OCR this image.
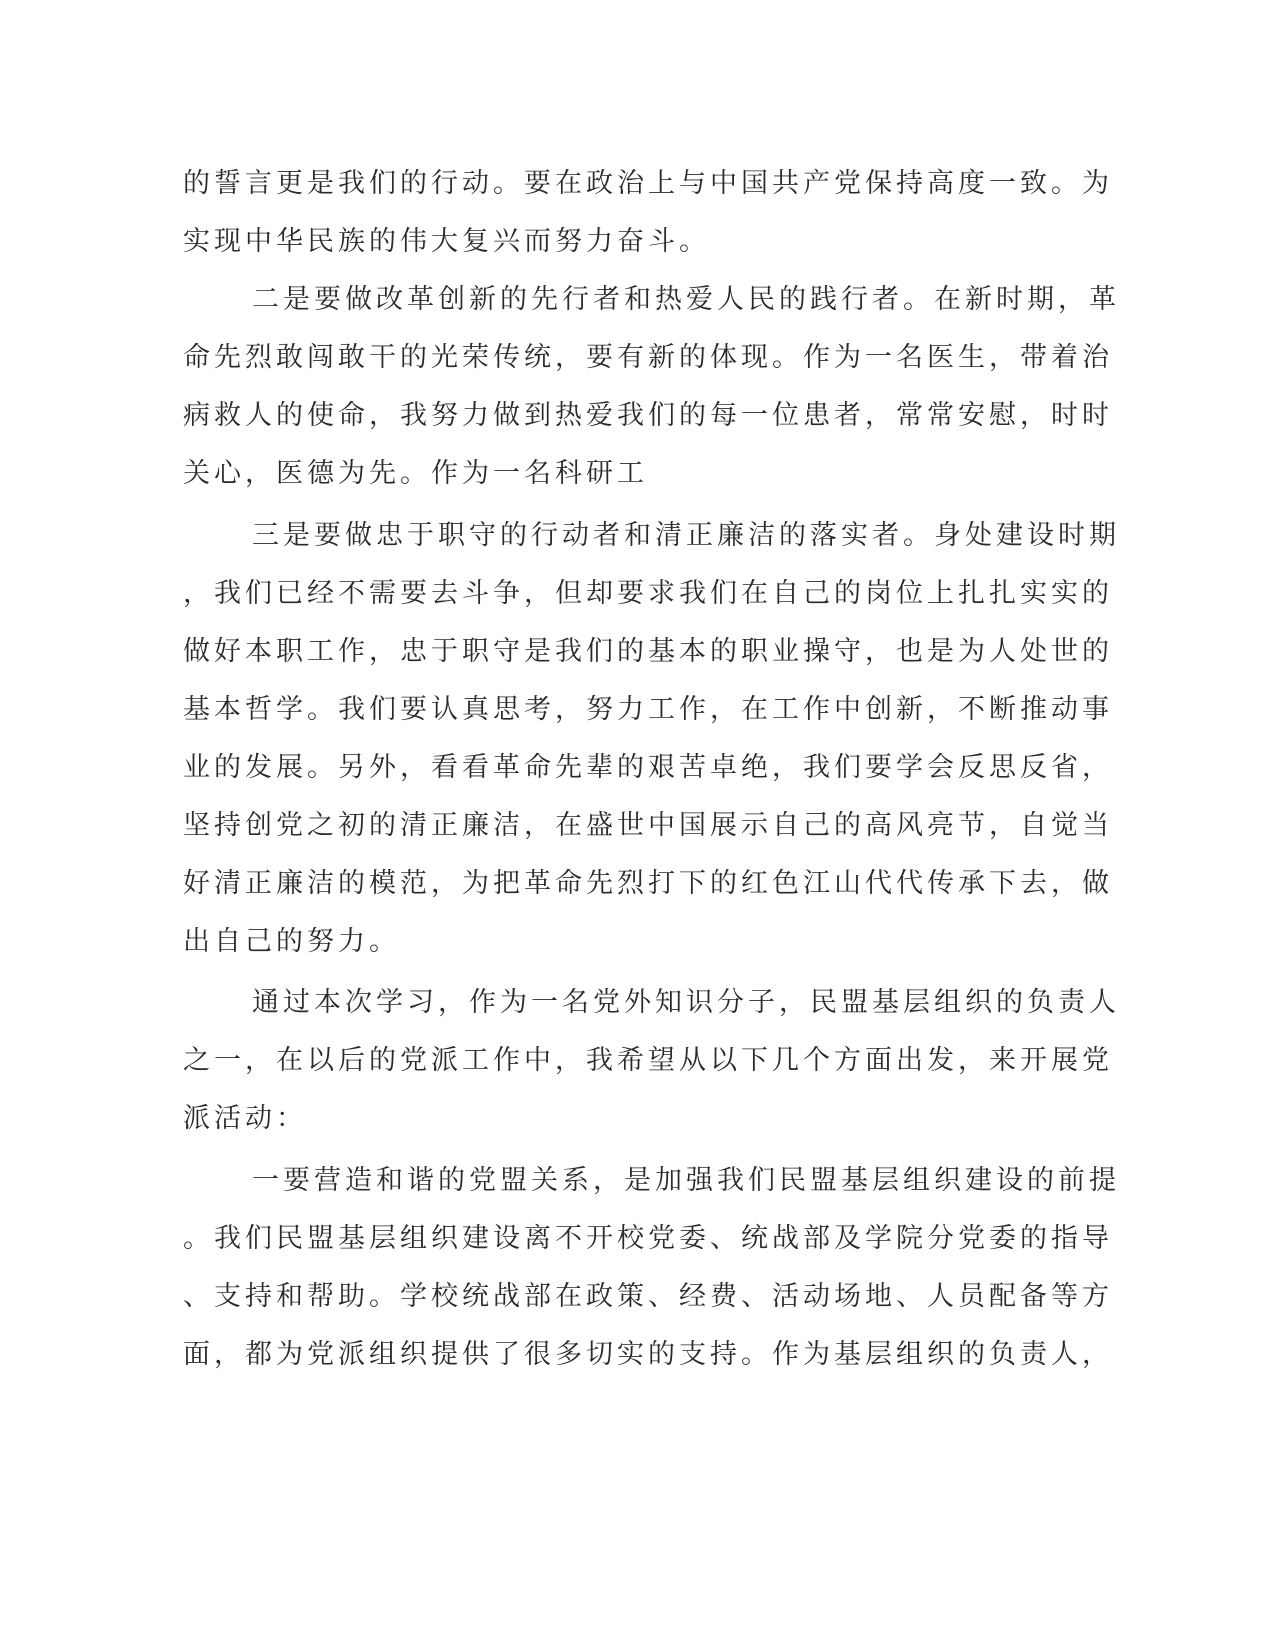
的誓言更是我们的行动。要在政治上与中国共产党保持高度一致。为
实现中华民族的伟大复兴而努力奋斗。
二是要做改革创新的先行者和热爱人民的践行者。在新时期，革
命先烈敢闯敢干的光荣传统，要有新的体现。作为一名医生，带着治
病救人的使命，我努力做到热爱我们的每一位患者，常常安慰，时时
关心，医德为先。作为一名科研工
三是要做忠于职守的行动者和清正廉洁的落实者。身处建设时期
，我们已经不需要去斗争，但却要求我们在自己的岗位上扎扎实实的
做好本职工作，忠于职守是我们的基本的职业操守，也是为人处世的
基本哲学。我们要认真思考，努力工作，在工作中创新，不断推动事
业的发展。另外，看看革命先辈的艰苦卓绝，我们要学会反思反省，
坚持创党之初的清正廉洁，在盛世中国展示自己的高风亮节，自觉当
好清正廉洁的模范，为把革命先烈打下的红色江山代代传承下去，做
出自己的努力。
通过本次学习，作为一名党外知识分子，民盟基层组织的负责人
之一，在以后的党派工作中，我希望从以下几个方面出发，来开展党
派活动：
一要营造和谐的党盟关系，是加强我们民盟基层组织建设的前提
。我们民盟基层组织建设离不开校党委、统战部及学院分党委的指导
、支持和帮助。学校统战部在政策、经费、活动场地、人员配备等方
面，都为党派组织提供了很多切实的支持。作为基层组织的负责人，
